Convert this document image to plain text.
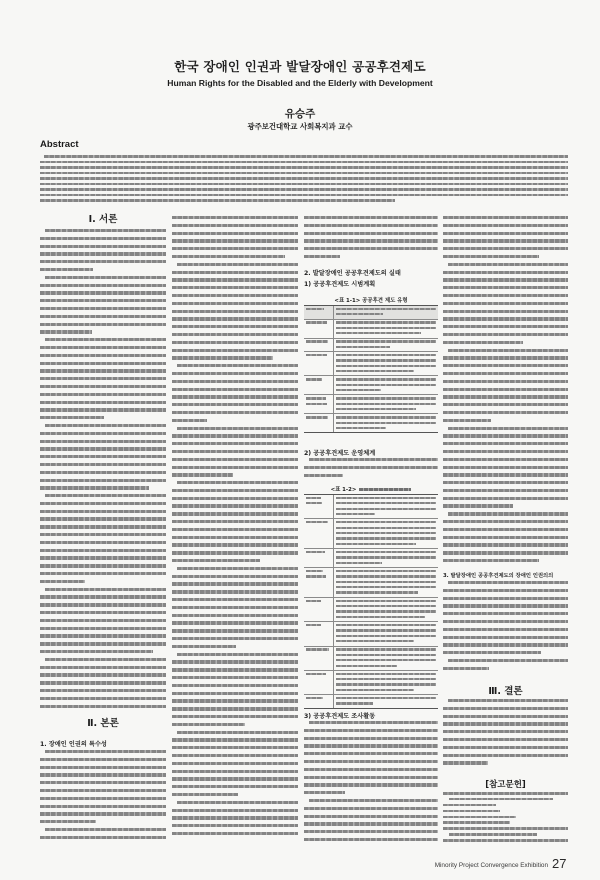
한국 장애인 인권과 발달장애인 공공후견제도
Human Rights for the Disabled and the Elderly with Development
유승주
광주보건대학교 사회복지과 교수
Abstract
Ⅰ. 서론
Ⅱ. 본론
1. 장애인 인권의 특수성
2. 발달장애인 공공후견제도의 실태
1) 공공후견제도 시범계획
<표 1-1> 공공후견 제도 유형
2) 공공후견제도 운영체계
<표 1-2>
3) 공공후견제도 조사활동
3. 발달장애인 공공후견제도의 장애인 인권의의
Ⅲ. 결론
[참고문헌]
Minority Project Convergence Exhibition 27
